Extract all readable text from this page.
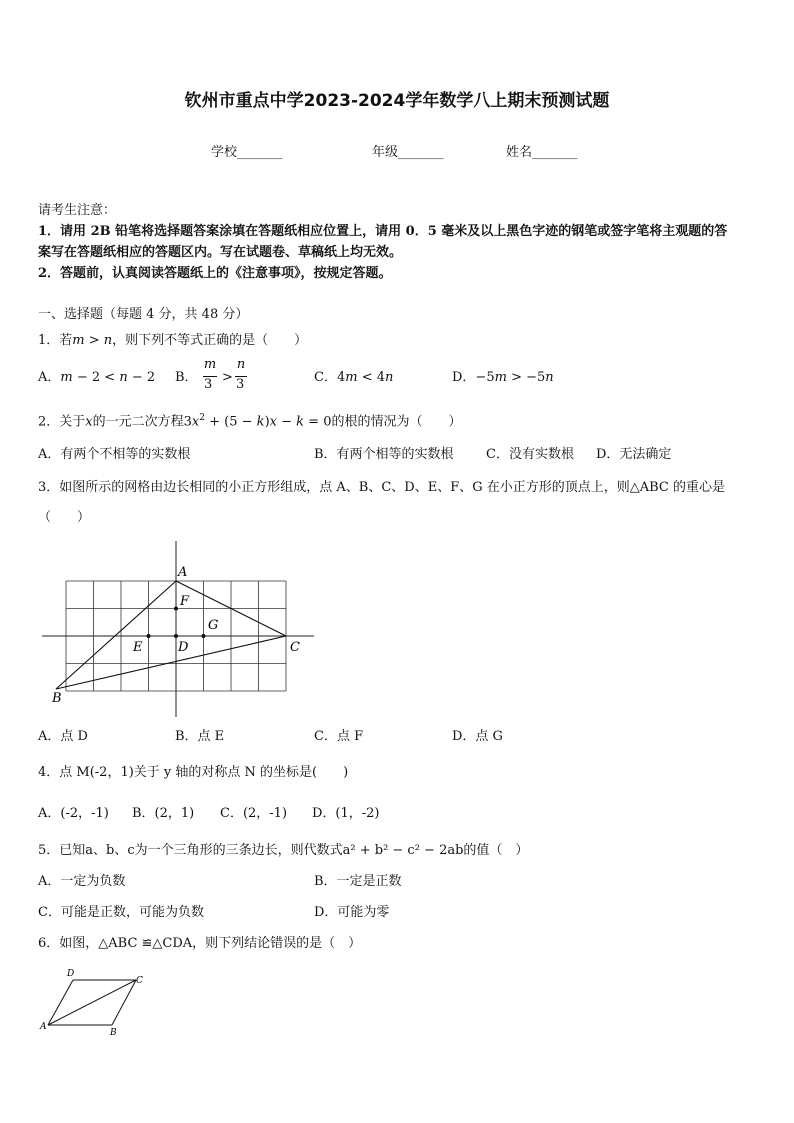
钦州市重点中学2023-2024学年数学八上期末预测试题
学校_______	年级_______	姓名_______
请考生注意：
1．请用 2B 铅笔将选择题答案涂填在答题纸相应位置上，请用 0．5 毫米及以上黑色字迹的钢笔或签字笔将主观题的答
案写在答题纸相应的答题区内。写在试题卷、草稿纸上均无效。
2．答题前，认真阅读答题纸上的《注意事项》，按规定答题。
一、选择题（每题 4 分，共 48 分）
1．若m > n，则下列不等式正确的是（　　）
A．m − 2 < n − 2 B．
m
3 >
n
3	C．4m < 4n	D．−5m > −5n
2．关于x的一元二次方程$3x^2 + (5 - k)x - k = 0$的根的情况为（　　）
A．有两个不相等的实数根	B．有两个相等的实数根 C．没有实数根 D．无法确定
3．如图所示的网格由边长相同的小正方形组成，点 A、B、C、D、E、F、G 在小正方形的顶点上，则△ABC 的重心是
（　　）
A
F
G
E	D	C
B
A．点 D	B．点 E	C．点 F	D．点 G
4．点 M(-2，1)关于 y 轴的对称点 N 的坐标是(　　)
A．(-2，-1) B．(2，1) C．(2，-1) D．(1，-2)
5．已知a、b、c为一个三角形的三条边长，则代数式a² + b² − c² − 2ab的值（　）
A．一定为负数	B．一定是正数
C．可能是正数，可能为负数	D．可能为零
6．如图，△ABC ≌△CDA，则下列结论错误的是（　）
D
C
A
B
